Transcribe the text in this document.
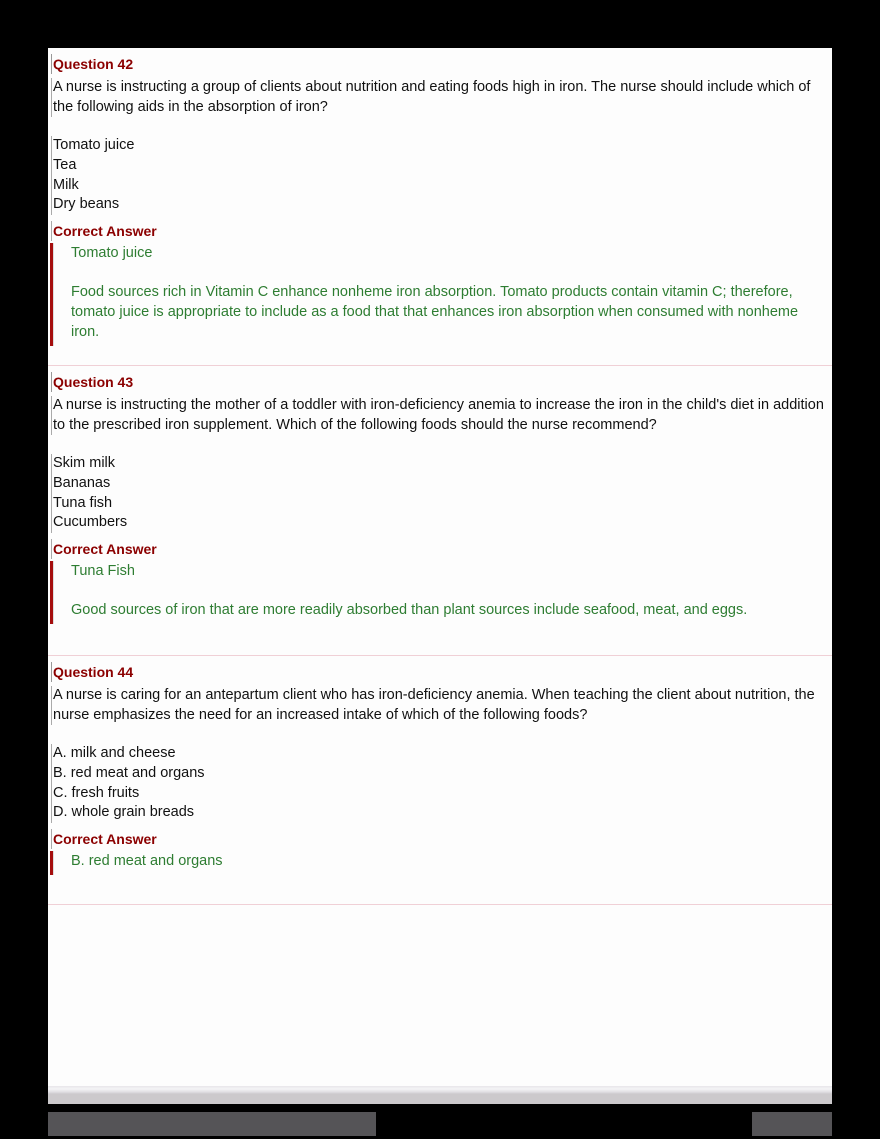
Question 42

A nurse is instructing a group of clients about nutrition and eating foods high in iron. The nurse should include which of the following aids in the absorption of iron?

Tomato juice
Tea
Milk
Dry beans
Correct Answer

Tomato juice

Food sources rich in Vitamin C enhance nonheme iron absorption. Tomato products contain vitamin C; therefore, tomato juice is appropriate to include as a food that that enhances iron absorption when consumed with nonheme iron.

Question 43

A nurse is instructing the mother of a toddler with iron-deficiency anemia to increase the iron in the child's diet in addition to the prescribed iron supplement. Which of the following foods should the nurse recommend?

Skim milk
Bananas
Tuna fish
Cucumbers
Correct Answer

Tuna Fish

Good sources of iron that are more readily absorbed than plant sources include seafood, meat, and eggs.

Question 44

A nurse is caring for an antepartum client who has iron-deficiency anemia. When teaching the client about nutrition, the nurse emphasizes the need for an increased intake of which of the following foods?

A. milk and cheese
B. red meat and organs
C. fresh fruits
D. whole grain breads
Correct Answer

B. red meat and organs
